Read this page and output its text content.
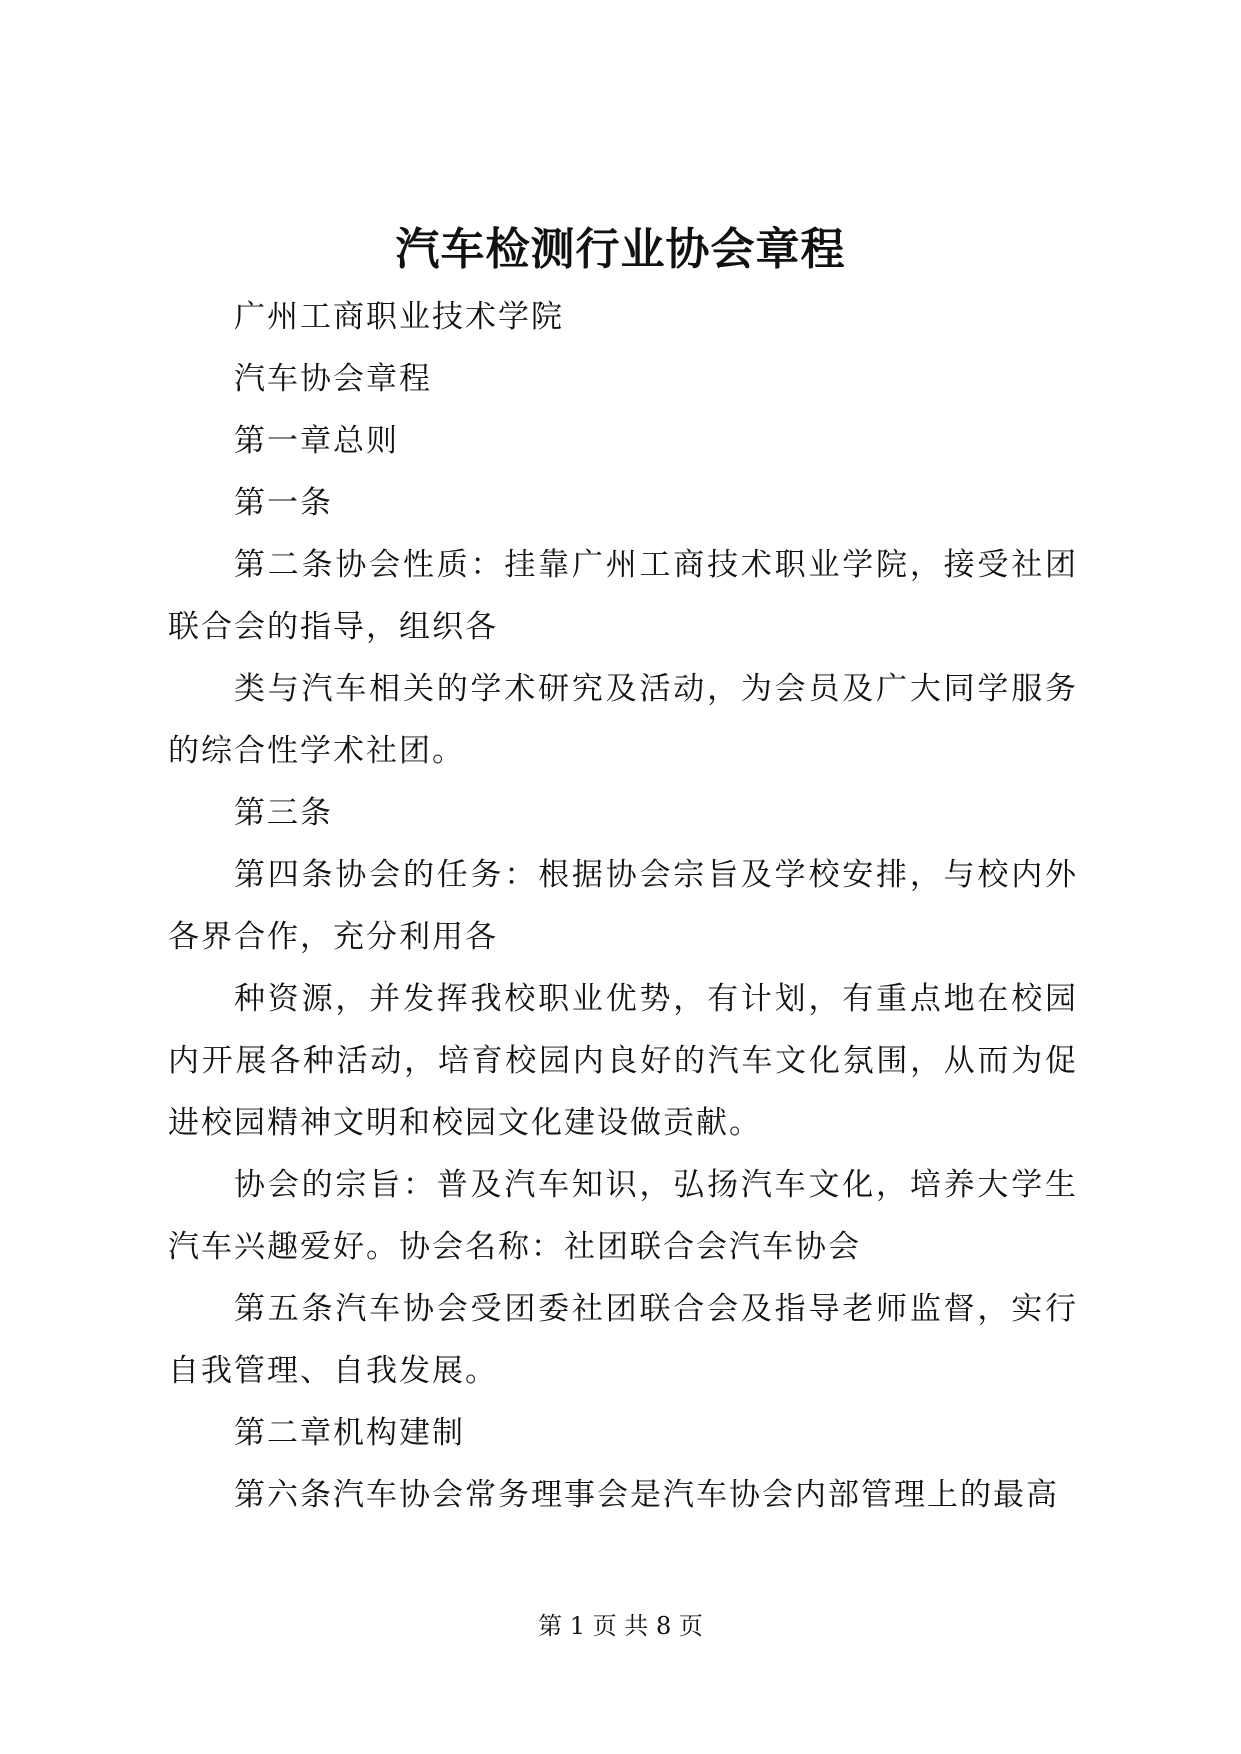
汽车检测行业协会章程

广州工商职业技术学院

汽车协会章程

第一章总则

第一条

第二条协会性质：挂靠广州工商技术职业学院，接受社团联合会的指导，组织各

类与汽车相关的学术研究及活动，为会员及广大同学服务的综合性学术社团。

第三条

第四条协会的任务：根据协会宗旨及学校安排，与校内外各界合作，充分利用各

种资源，并发挥我校职业优势，有计划，有重点地在校园内开展各种活动，培育校园内良好的汽车文化氛围，从而为促进校园精神文明和校园文化建设做贡献。

协会的宗旨：普及汽车知识，弘扬汽车文化，培养大学生汽车兴趣爱好。协会名称：社团联合会汽车协会

第五条汽车协会受团委社团联合会及指导老师监督，实行自我管理、自我发展。

第二章机构建制

第六条汽车协会常务理事会是汽车协会内部管理上的最高

第 1 页 共 8 页
